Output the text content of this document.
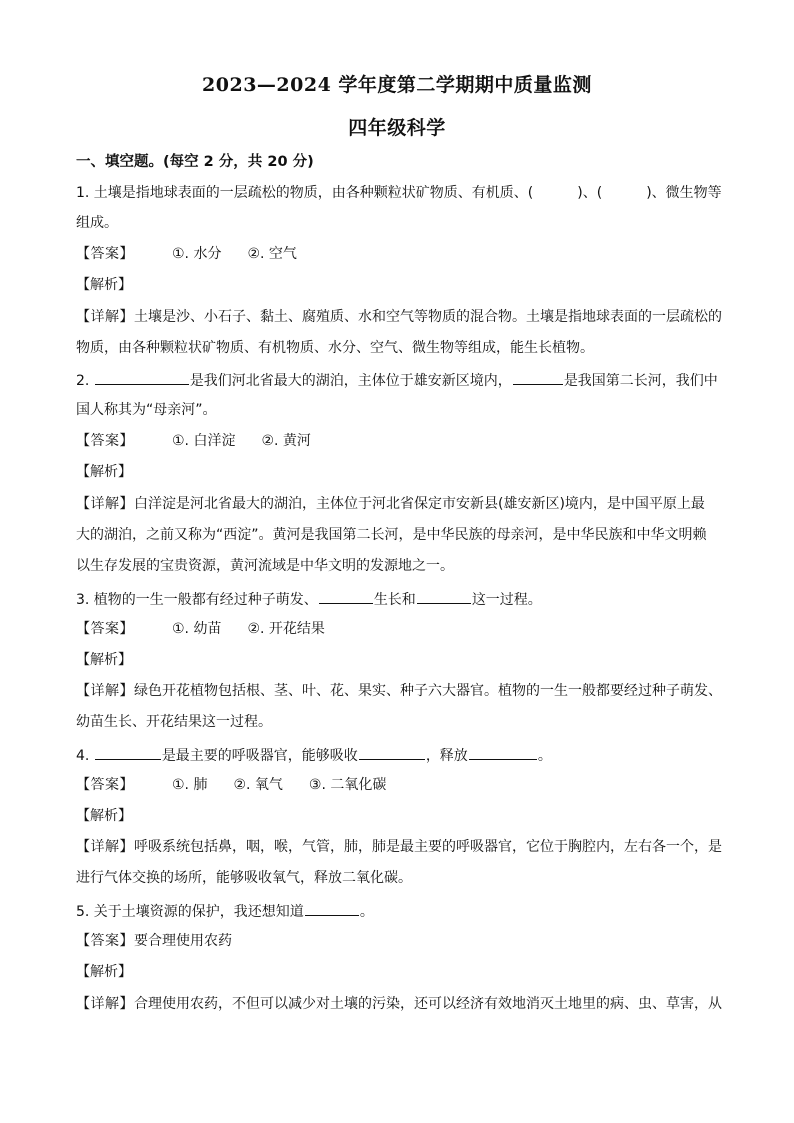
2023—2024 学年度第二学期期中质量监测
四年级科学
一、填空题。(每空 2 分，共 20 分)
1. 土壤是指地球表面的一层疏松的物质，由各种颗粒状矿物质、有机质、(	)、(	)、微生物等
组成。
【答案】	①. 水分 ②. 空气
【解析】
【详解】土壤是沙、小石子、黏土、腐殖质、水和空气等物质的混合物。土壤是指地球表面的一层疏松的
物质，由各种颗粒状矿物质、有机物质、水分、空气、微生物等组成，能生长植物。
2.	是我们河北省最大的湖泊，主体位于雄安新区境内，	是我国第二长河，我们中
国人称其为“母亲河”。
【答案】	①. 白洋淀 ②. 黄河
【解析】
【详解】白洋淀是河北省最大的湖泊，主体位于河北省保定市安新县(雄安新区)境内，是中国平原上最
大的湖泊，之前又称为“西淀”。黄河是我国第二长河，是中华民族的母亲河，是中华民族和中华文明赖
以生存发展的宝贵资源，黄河流域是中华文明的发源地之一。
3. 植物的一生一般都有经过种子萌发、	生长和	这一过程。
【答案】	①. 幼苗 ②. 开花结果
【解析】
【详解】绿色开花植物包括根、茎、叶、花、果实、种子六大器官。植物的一生一般都要经过种子萌发、
幼苗生长、开花结果这一过程。
4.	是最主要的呼吸器官，能够吸收	，释放	。
【答案】	①. 肺 ②. 氧气 ③. 二氧化碳
【解析】
【详解】呼吸系统包括鼻，咽，喉，气管，肺，肺是最主要的呼吸器官，它位于胸腔内，左右各一个，是
进行气体交换的场所，能够吸收氧气，释放二氧化碳。
5. 关于土壤资源的保护，我还想知道	。
【答案】要合理使用农药
【解析】
【详解】合理使用农药，不但可以减少对土壤的污染，还可以经济有效地消灭土地里的病、虫、草害，从
